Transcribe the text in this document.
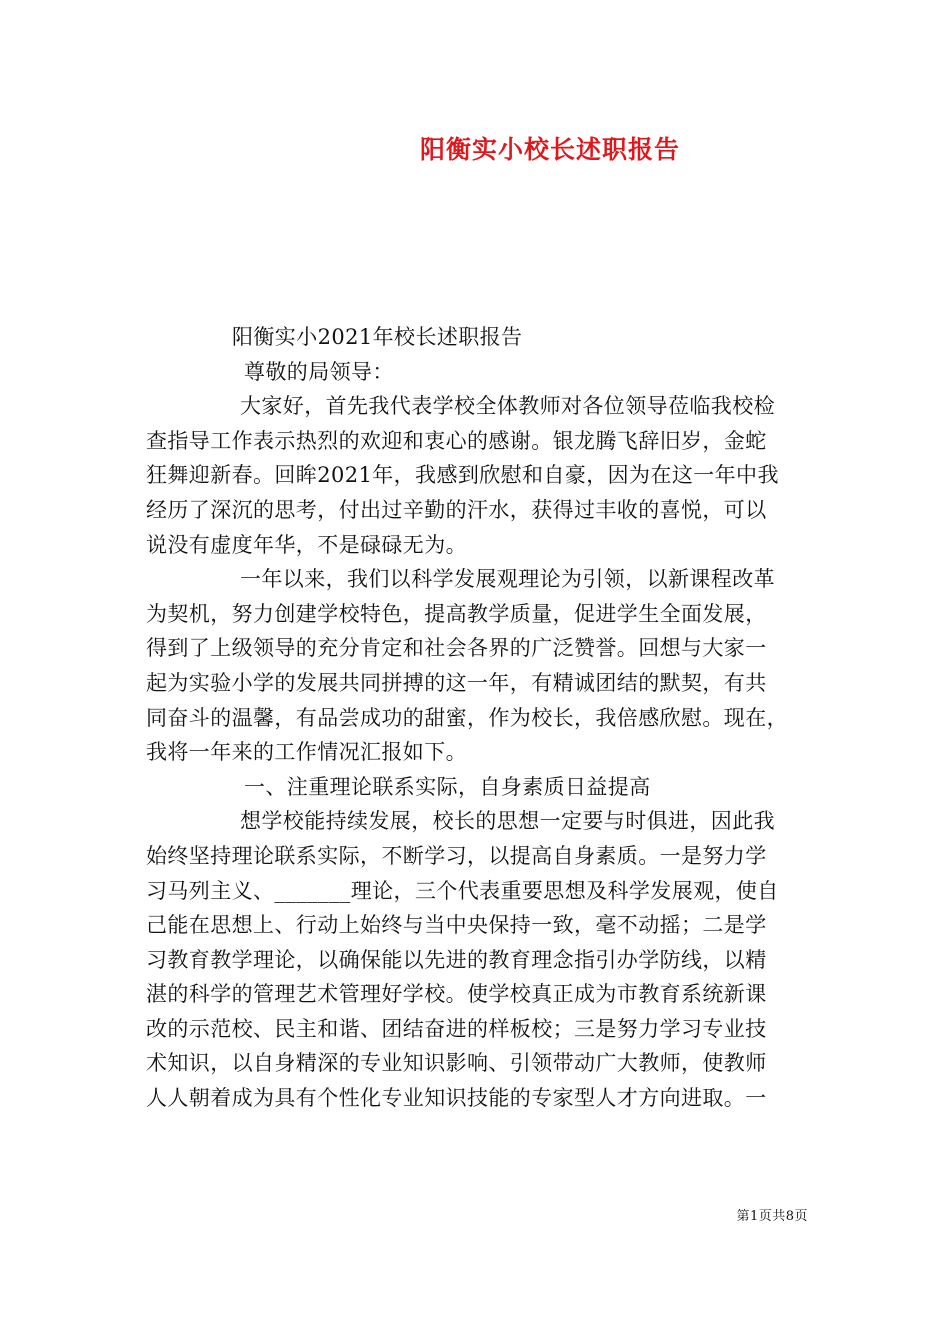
阳衡实小校长述职报告
阳衡实小2021年校长述职报告
尊敬的局领导：
大家好，首先我代表学校全体教师对各位领导莅临我校检
查指导工作表示热烈的欢迎和衷心的感谢。银龙腾飞辞旧岁，金蛇
狂舞迎新春。回眸2021年，我感到欣慰和自豪，因为在这一年中我
经历了深沉的思考，付出过辛勤的汗水，获得过丰收的喜悦，可以
说没有虚度年华，不是碌碌无为。
一年以来，我们以科学发展观理论为引领，以新课程改革
为契机，努力创建学校特色，提高教学质量，促进学生全面发展，
得到了上级领导的充分肯定和社会各界的广泛赞誉。回想与大家一
起为实验小学的发展共同拼搏的这一年，有精诚团结的默契，有共
同奋斗的温馨，有品尝成功的甜蜜，作为校长，我倍感欣慰。现在，
我将一年来的工作情况汇报如下。
一、注重理论联系实际，自身素质日益提高
想学校能持续发展，校长的思想一定要与时俱进，因此我
始终坚持理论联系实际，不断学习，以提高自身素质。一是努力学
习马列主义、_______理论，三个代表重要思想及科学发展观，使自
己能在思想上、行动上始终与当中央保持一致，毫不动摇；二是学
习教育教学理论，以确保能以先进的教育理念指引办学防线，以精
湛的科学的管理艺术管理好学校。使学校真正成为市教育系统新课
改的示范校、民主和谐、团结奋进的样板校；三是努力学习专业技
术知识，以自身精深的专业知识影响、引领带动广大教师，使教师
人人朝着成为具有个性化专业知识技能的专家型人才方向进取。一
第1页共8页
